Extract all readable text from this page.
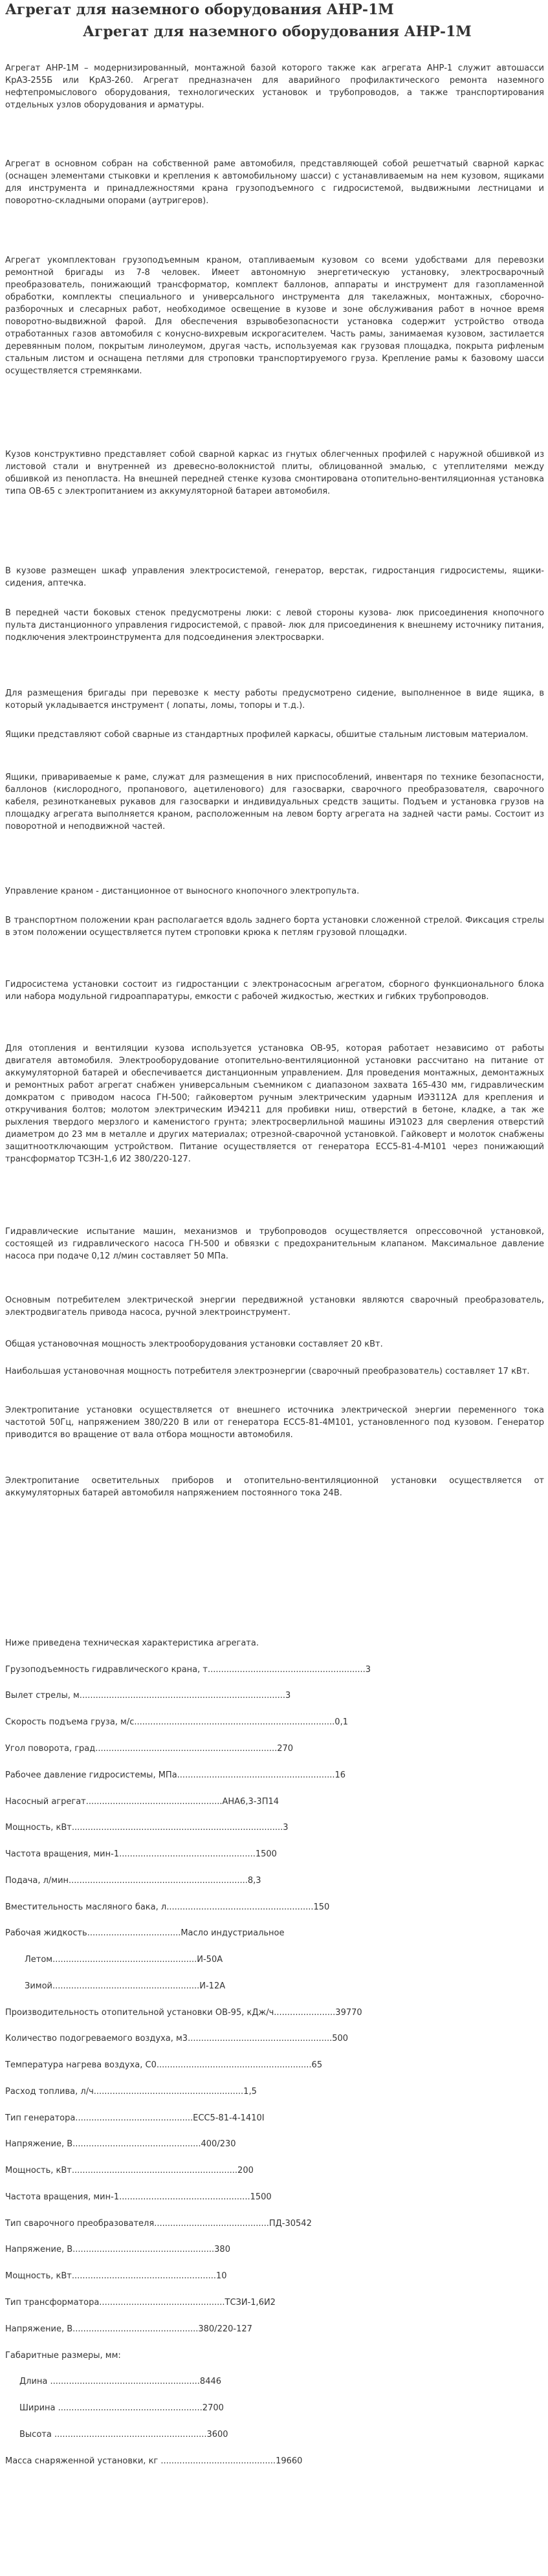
Агрегат для наземного оборудования АНР-1М
Агрегат для наземного оборудования АНР-1М

Агрегат АНР-1М – модернизированный, монтажной базой которого также как агрегата АНР-1 служит автошасси КрАЗ-255Б или КрАЗ-260. Агрегат предназначен для аварийного профилактического ремонта наземного нефтепромыслового оборудования, технологических установок и трубопроводов, а также транспортирования отдельных узлов оборудования и арматуры.

Агрегат в основном собран на собственной раме автомобиля, представляющей собой решетчатый сварной каркас (оснащен элементами стыковки и крепления к автомобильному шасси) с устанавливаемым на нем кузовом, ящиками для инструмента и принадлежностями крана грузоподъемного с гидросистемой, выдвижными лестницами и поворотно-складными опорами (аутригеров).

Агрегат укомплектован грузоподъемным краном, отапливаемым кузовом со всеми удобствами для перевозки ремонтной бригады из 7-8 человек. Имеет автономную энергетическую установку, электросварочный преобразователь, понижающий трансформатор, комплект баллонов, аппараты и инструмент для газопламенной обработки, комплекты специального и универсального инструмента для такелажных, монтажных, сборочно-разборочных и слесарных работ, необходимое освещение в кузове и зоне обслуживания работ в ночное время поворотно-выдвижной фарой. Для обеспечения взрывобезопасности установка содержит устройство отвода отработанных газов автомобиля с конусно-вихревым искрогасителем. Часть рамы, занимаемая кузовом, застилается деревянным полом, покрытым линолеумом, другая часть, используемая как грузовая площадка, покрыта рифленым стальным листом и оснащена петлями для строповки транспортируемого груза. Крепление рамы к базовому шасси осуществляется стремянками.

Кузов конструктивно представляет собой сварной каркас из гнутых облегченных профилей с наружной обшивкой из листовой стали и внутренней из древесно-волокнистой плиты, облицованной эмалью, с утеплителями между обшивкой из пенопласта. На внешней передней стенке кузова смонтирована отопительно-вентиляционная установка типа ОВ-65 с электропитанием из аккумуляторной батареи автомобиля.

В кузове размещен шкаф управления электросистемой, генератор, верстак, гидростанция гидросистемы, ящики-сидения, аптечка.

В передней части боковых стенок предусмотрены люки: с левой стороны кузова- люк присоединения кнопочного пульта дистанционного управления гидросистемой, с правой- люк для присоединения к внешнему источнику питания, подключения электроинструмента для подсоединения электросварки.

Для размещения бригады при перевозке к месту работы предусмотрено сидение, выполненное в виде ящика, в который укладывается инструмент ( лопаты, ломы, топоры и т.д.).

Ящики представляют собой сварные из стандартных профилей каркасы, обшитые стальным листовым материалом.

Ящики, привариваемые к раме, служат для размещения в них приспособлений, инвентаря по технике безопасности, баллонов (кислородного, пропанового, ацетиленового) для газосварки, сварочного преобразователя, сварочного кабеля, резинотканевых рукавов для газосварки и индивидуальных средств защиты. Подъем и установка грузов на площадку агрегата выполняется краном, расположенным на левом борту агрегата на задней части рамы. Состоит из поворотной и неподвижной частей.

Управление краном - дистанционное от выносного кнопочного электропульта.

В транспортном положении кран располагается вдоль заднего борта установки сложенной стрелой. Фиксация стрелы в этом положении осуществляется путем строповки крюка к петлям грузовой площадки.

Гидросистема установки состоит из гидростанции с электронасосным агрегатом, сборного функционального блока или набора модульной гидроаппаратуры, емкости с рабочей жидкостью, жестких и гибких трубопроводов.

Для отопления и вентиляции кузова используется установка ОВ-95, которая работает независимо от работы двигателя автомобиля. Электрооборудование отопительно-вентиляционной установки рассчитано на питание от аккумуляторной батарей и обеспечивается дистанционным управлением. Для проведения монтажных, демонтажных и ремонтных работ агрегат снабжен универсальным съемником с диапазоном захвата 165-430 мм, гидравлическим домкратом с приводом насоса ГН-500; гайковертом ручным электрическим ударным ИЭ3112А для крепления и откручивания болтов; молотом электрическим ИЭ4211 для пробивки ниш, отверстий в бетоне, кладке, а так же рыхления твердого мерзлого и каменистого грунта; электросверлильной машины ИЭ1023 для сверления отверстий диаметром до 23 мм в металле и других материалах; отрезной-сварочной установкой. Гайковерт и молоток снабжены защитноотключающим устройством. Питание осуществляется от генератора ЕСС5-81-4-М101 через понижающий трансформатор ТСЗН-1,6 И2 380/220-127.

Гидравлические испытание машин, механизмов и трубопроводов осуществляется опрессовочной установкой, состоящей из гидравлического насоса ГН-500 и обвязки с предохранительным клапаном. Максимальное давление насоса при подаче 0,12 л/мин составляет 50 МПа.

Основным потребителем электрической энергии передвижной установки являются сварочный преобразователь, электродвигатель привода насоса, ручной электроинструмент.

Общая установочная мощность электрооборудования установки составляет 20 кВт.

Наибольшая установочная мощность потребителя электроэнергии (сварочный преобразователь) составляет 17 кВт.

Электропитание установки осуществляется от внешнего источника электрической энергии переменного тока частотой 50Гц, напряжением 380/220 В или от генератора ЕСС5-81-4М101, установленного под кузовом. Генератор приводится во вращение от вала отбора мощности автомобиля.

Электропитание осветительных приборов и отопительно-вентиляционной установки осуществляется от аккумуляторных батарей автомобиля напряжением постоянного тока 24В.

Ниже приведена техническая характеристика агрегата.
Грузоподъемность гидравлического крана, т...........................................................3
Вылет стрелы, м.............................................................................3
Скорость подъема груза, м/с...........................................................................0,1
Угол поворота, град....................................................................270
Рабочее давление гидросистемы, МПа...........................................................16
Насосный агрегат...................................................АНА6,3-3П14
Мощность, кВт...............................................................................3
Частота вращения, мин-1...................................................1500
Подача, л/мин...................................................................8,3
Вместительность масляного бака, л.......................................................150
Рабочая жидкость...................................Масло индустриальное
Летом......................................................И-50А
Зимой.......................................................И-12А
Производительность отопительной установки ОВ-95, кДж/ч.......................39770
Количество подогреваемого воздуха, м3......................................................500
Температура нагрева воздуха, С0..........................................................65
Расход топлива, л/ч........................................................1,5
Тип генератора............................................ЕСС5-81-4-1410I
Напряжение, В................................................400/230
Мощность, кВт..............................................................200
Частота вращения, мин-1.................................................1500
Тип сварочного преобразователя...........................................ПД-30542
Напряжение, В.....................................................380
Мощность, кВт......................................................10
Тип трансформатора...............................................ТСЗИ-1,6И2
Напряжение, В...............................................380/220-127
Габаритные размеры, мм:
Длина ........................................................8446
Ширина ......................................................2700
Высота .........................................................3600
Масса снаряженной установки, кг ...........................................19660
